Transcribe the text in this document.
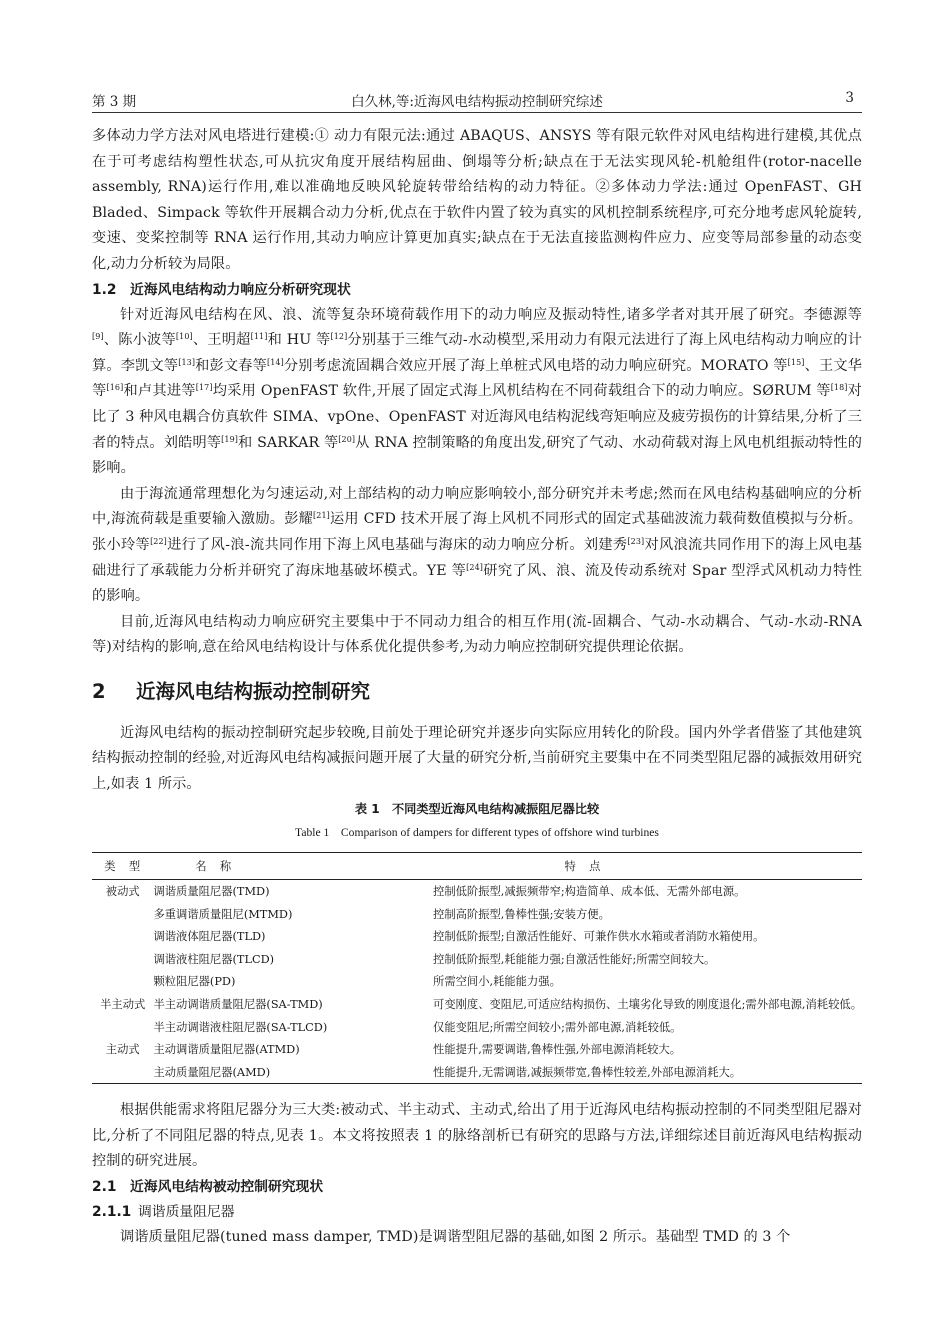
第 3 期	白久林,等:近海风电结构振动控制研究综述	3

多体动力学方法对风电塔进行建模:① 动力有限元法:通过 ABAQUS、ANSYS 等有限元软件对风电结构进行建模,其优点在于可考虑结构塑性状态,可从抗灾角度开展结构屈曲、倒塌等分析;缺点在于无法实现风轮-机舱组件(rotor-nacelle assembly, RNA)运行作用,难以准确地反映风轮旋转带给结构的动力特征。②多体动力学法:通过 OpenFAST、GH Bladed、Simpack 等软件开展耦合动力分析,优点在于软件内置了较为真实的风机控制系统程序,可充分地考虑风轮旋转,变速、变桨控制等 RNA 运行作用,其动力响应计算更加真实;缺点在于无法直接监测构件应力、应变等局部参量的动态变化,动力分析较为局限。

1.2 近海风电结构动力响应分析研究现状

针对近海风电结构在风、浪、流等复杂环境荷载作用下的动力响应及振动特性,诸多学者对其开展了研究。李德源等[9]、陈小波等[10]、王明超[11]和 HU 等[12]分别基于三维气动-水动模型,采用动力有限元法进行了海上风电结构动力响应的计算。李凯文等[13]和彭文春等[14]分别考虑流固耦合效应开展了海上单桩式风电塔的动力响应研究。MORATO 等[15]、王文华等[16]和卢其进等[17]均采用 OpenFAST 软件,开展了固定式海上风机结构在不同荷载组合下的动力响应。SØRUM 等[18]对比了 3 种风电耦合仿真软件 SIMA、vpOne、OpenFAST 对近海风电结构泥线弯矩响应及疲劳损伤的计算结果,分析了三者的特点。刘皓明等[19]和 SARKAR 等[20]从 RNA 控制策略的角度出发,研究了气动、水动荷载对海上风电机组振动特性的影响。

由于海流通常理想化为匀速运动,对上部结构的动力响应影响较小,部分研究并未考虑;然而在风电结构基础响应的分析中,海流荷载是重要输入激励。彭耀[21]运用 CFD 技术开展了海上风机不同形式的固定式基础波流力载荷数值模拟与分析。张小玲等[22]进行了风-浪-流共同作用下海上风电基础与海床的动力响应分析。刘建秀[23]对风浪流共同作用下的海上风电基础进行了承载能力分析并研究了海床地基破坏模式。YE 等[24]研究了风、浪、流及传动系统对 Spar 型浮式风机动力特性的影响。

目前,近海风电结构动力响应研究主要集中于不同动力组合的相互作用(流-固耦合、气动-水动耦合、气动-水动-RNA 等)对结构的影响,意在给风电结构设计与体系优化提供参考,为动力响应控制研究提供理论依据。

2 近海风电结构振动控制研究

近海风电结构的振动控制研究起步较晚,目前处于理论研究并逐步向实际应用转化的阶段。国内外学者借鉴了其他建筑结构振动控制的经验,对近海风电结构减振问题开展了大量的研究分析,当前研究主要集中在不同类型阻尼器的减振效用研究上,如表 1 所示。

表 1　不同类型近海风电结构减振阻尼器比较
Table 1　Comparison of dampers for different types of offshore wind turbines
类　型	名　称	特　点
被动式	调谐质量阻尼器(TMD)	控制低阶振型,减振频带窄;构造简单、成本低、无需外部电源。
	多重调谐质量阻尼(MTMD)	控制高阶振型,鲁棒性强;安装方便。
	调谐液体阻尼器(TLD)	控制低阶振型;自激活性能好、可兼作供水水箱或者消防水箱使用。
	调谐液柱阻尼器(TLCD)	控制低阶振型,耗能能力强;自激活性能好;所需空间较大。
	颗粒阻尼器(PD)	所需空间小,耗能能力强。
半主动式	半主动调谐质量阻尼器(SA-TMD)	可变刚度、变阻尼,可适应结构损伤、土壤劣化导致的刚度退化;需外部电源,消耗较低。
	半主动调谐液柱阻尼器(SA-TLCD)	仅能变阻尼;所需空间较小;需外部电源,消耗较低。
主动式	主动调谐质量阻尼器(ATMD)	性能提升,需要调谐,鲁棒性强,外部电源消耗较大。
	主动质量阻尼器(AMD)	性能提升,无需调谐,减振频带宽,鲁棒性较差,外部电源消耗大。

根据供能需求将阻尼器分为三大类:被动式、半主动式、主动式,给出了用于近海风电结构振动控制的不同类型阻尼器对比,分析了不同阻尼器的特点,见表 1。本文将按照表 1 的脉络剖析已有研究的思路与方法,详细综述目前近海风电结构振动控制的研究进展。

2.1 近海风电结构被动控制研究现状
2.1.1 调谐质量阻尼器

调谐质量阻尼器(tuned mass damper, TMD)是调谐型阻尼器的基础,如图 2 所示。基础型 TMD 的 3 个
